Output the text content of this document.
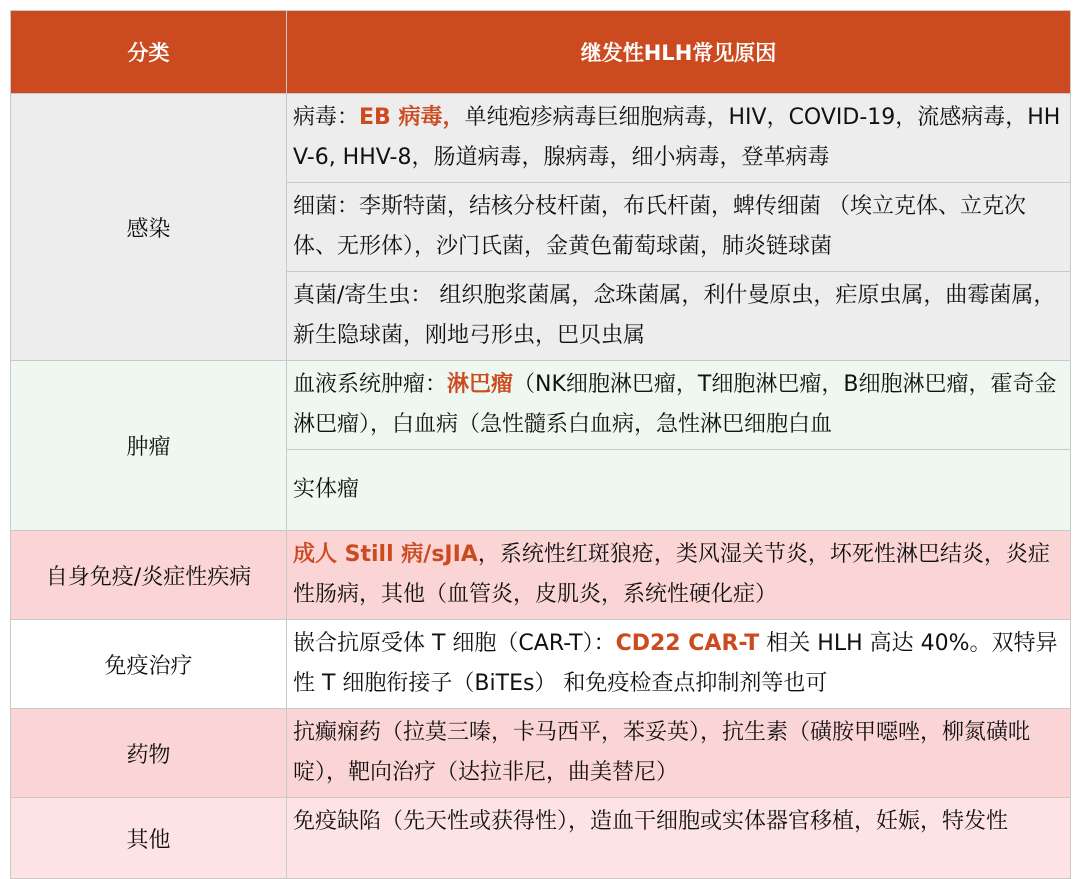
分类	继发性HLH常见原因
感染	病毒：EB 病毒，单纯疱疹病毒巨细胞病毒，HIV，COVID-19，流感病毒，HHV-6, HHV-8，肠道病毒，腺病毒，细小病毒，登革病毒
	细菌：李斯特菌，结核分枝杆菌，布氏杆菌，蜱传细菌 （埃立克体、立克次体、无形体），沙门氏菌，金黄色葡萄球菌，肺炎链球菌
	真菌/寄生虫： 组织胞浆菌属，念珠菌属，利什曼原虫，疟原虫属，曲霉菌属，新生隐球菌，刚地弓形虫，巴贝虫属
肿瘤	血液系统肿瘤：淋巴瘤（NK细胞淋巴瘤，T细胞淋巴瘤，B细胞淋巴瘤，霍奇金淋巴瘤），白血病（急性髓系白血病，急性淋巴细胞白血
	实体瘤
自身免疫/炎症性疾病	成人 Still 病/sJIA，系统性红斑狼疮，类风湿关节炎，坏死性淋巴结炎，炎症性肠病，其他（血管炎，皮肌炎，系统性硬化症）
免疫治疗	嵌合抗原受体 T 细胞（CAR-T）：CD22 CAR-T 相关 HLH 高达 40%。双特异性 T 细胞衔接子（BiTEs） 和免疫检查点抑制剂等也可
药物	抗癫痫药（拉莫三嗪，卡马西平，苯妥英），抗生素（磺胺甲噁唑，柳氮磺吡啶），靶向治疗（达拉非尼，曲美替尼）
其他	免疫缺陷（先天性或获得性），造血干细胞或实体器官移植，妊娠，特发性
